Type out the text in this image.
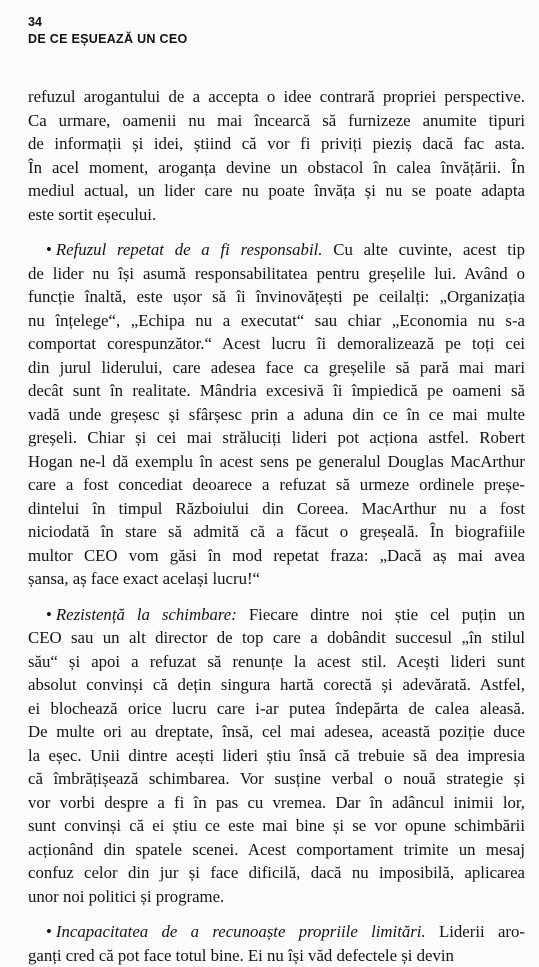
34
DE CE EȘUEAZĂ UN CEO
refuzul arogantului de a accepta o idee contrară propriei perspective.
Ca urmare, oamenii nu mai încearcă să furnizeze anumite tipuri
de informații și idei, știind că vor fi priviți pieziș dacă fac asta.
În acel moment, aroganța devine un obstacol în calea învățării. În
mediul actual, un lider care nu poate învăța și nu se poate adapta
este sortit eșecului.
• Refuzul repetat de a fi responsabil. Cu alte cuvinte, acest tip
de lider nu își asumă responsabilitatea pentru greșelile lui. Având o
funcție înaltă, este ușor să îi învinovățești pe ceilalți: „Organizația
nu înțelege“, „Echipa nu a executat“ sau chiar „Economia nu s-a
comportat corespunzător.“ Acest lucru îi demoralizează pe toți cei
din jurul liderului, care adesea face ca greșelile să pară mai mari
decât sunt în realitate. Mândria excesivă îi împiedică pe oameni să
vadă unde greșesc și sfârșesc prin a aduna din ce în ce mai multe
greșeli. Chiar și cei mai străluciți lideri pot acționa astfel. Robert
Hogan ne-l dă exemplu în acest sens pe generalul Douglas MacArthur
care a fost concediat deoarece a refuzat să urmeze ordinele preșe-
dintelui în timpul Războiului din Coreea. MacArthur nu a fost
niciodată în stare să admită că a făcut o greșeală. În biografiile
multor CEO vom găsi în mod repetat fraza: „Dacă aș mai avea
șansa, aș face exact același lucru!“
• Rezistență la schimbare: Fiecare dintre noi știe cel puțin un
CEO sau un alt director de top care a dobândit succesul „în stilul
său“ și apoi a refuzat să renunțe la acest stil. Acești lideri sunt
absolut convinși că dețin singura hartă corectă și adevărată. Astfel,
ei blochează orice lucru care i-ar putea îndepărta de calea aleasă.
De multe ori au dreptate, însă, cel mai adesea, această poziție duce
la eșec. Unii dintre acești lideri știu însă că trebuie să dea impresia
că îmbrățișează schimbarea. Vor susține verbal o nouă strategie și
vor vorbi despre a fi în pas cu vremea. Dar în adâncul inimii lor,
sunt convinși că ei știu ce este mai bine și se vor opune schimbării
acționând din spatele scenei. Acest comportament trimite un mesaj
confuz celor din jur și face dificilă, dacă nu imposibilă, aplicarea
unor noi politici și programe.
• Incapacitatea de a recunoaște propriile limitări. Liderii aro-
ganți cred că pot face totul bine. Ei nu își văd defectele și devin
